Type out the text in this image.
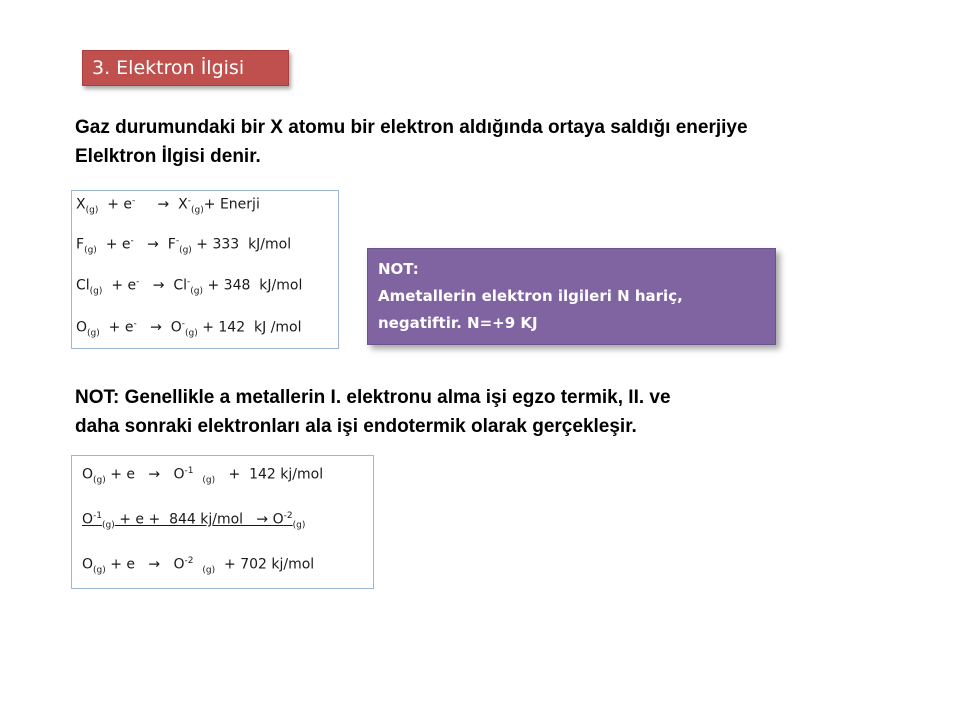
3. Elektron İlgisi
Gaz durumundaki bir X atomu bir elektron aldığında ortaya saldığı enerjiye
Elelktron İlgisi denir.
$X_{(g)} + e^-$     →  $X^-_{(g)}+$ Enerji
$F_{(g)} + e^- \to F^-_{(g)} + 333$  kJ/mol
$Cl_{(g)} + e^- \to Cl^-_{(g)} + 348$  kJ/mol
$O_{(g)} + e^- \to O^-_{(g)} + 142$  kJ /mol
NOT:
Ametallerin elektron ilgileri N hariç,
negatiftir. N=+9 KJ
NOT: Genellikle a metallerin I. elektronu alma işi egzo termik, II. ve
daha sonraki elektronları ala işi endotermik olarak gerçekleşir.
$O_{(g)} + e \to O^{-1}$  $_{(g)}$   +  142 kj/mol
$O^{-1}_{(g)} + e + 844$ $kj/mol \to O^{-2}_{(g)}$
$O_{(g)} + e \to O^{-2}$  $_{(g)}$  + 702 kj/mol
